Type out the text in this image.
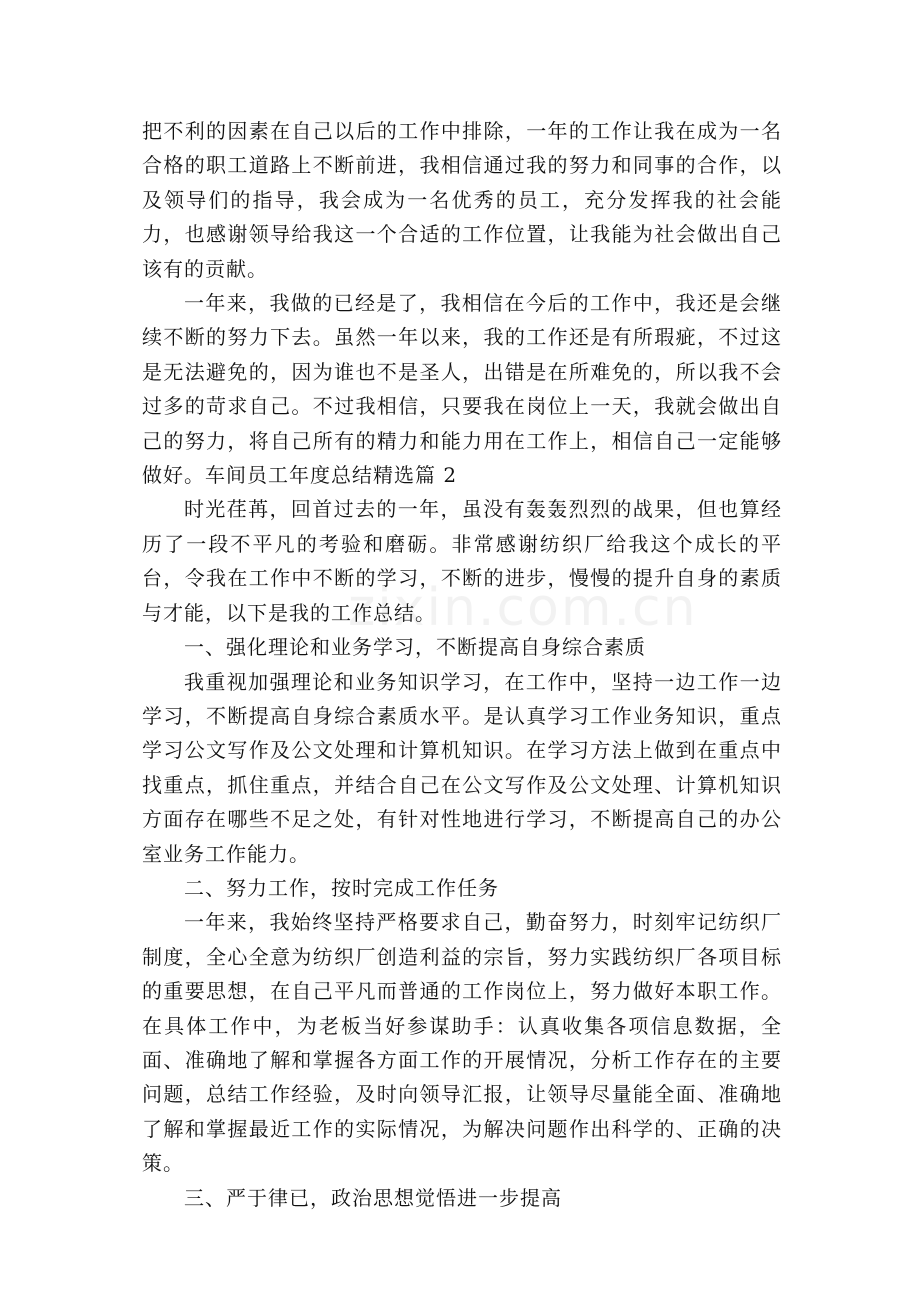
zixin.com.cn

把不利的因素在自己以后的工作中排除，一年的工作让我在成为一名合格的职工道路上不断前进，我相信通过我的努力和同事的合作，以及领导们的指导，我会成为一名优秀的员工，充分发挥我的社会能力，也感谢领导给我这一个合适的工作位置，让我能为社会做出自己该有的贡献。

一年来，我做的已经是了，我相信在今后的工作中，我还是会继续不断的努力下去。虽然一年以来，我的工作还是有所瑕疵，不过这是无法避免的，因为谁也不是圣人，出错是在所难免的，所以我不会过多的苛求自己。不过我相信，只要我在岗位上一天，我就会做出自己的努力，将自己所有的精力和能力用在工作上，相信自己一定能够做好。车间员工年度总结精选篇 2

时光荏苒，回首过去的一年，虽没有轰轰烈烈的战果，但也算经历了一段不平凡的考验和磨砺。非常感谢纺织厂给我这个成长的平台，令我在工作中不断的学习，不断的进步，慢慢的提升自身的素质与才能，以下是我的工作总结。

一、强化理论和业务学习，不断提高自身综合素质

我重视加强理论和业务知识学习，在工作中，坚持一边工作一边学习，不断提高自身综合素质水平。是认真学习工作业务知识，重点学习公文写作及公文处理和计算机知识。在学习方法上做到在重点中找重点，抓住重点，并结合自己在公文写作及公文处理、计算机知识方面存在哪些不足之处，有针对性地进行学习，不断提高自己的办公室业务工作能力。

二、努力工作，按时完成工作任务

一年来，我始终坚持严格要求自己，勤奋努力，时刻牢记纺织厂制度，全心全意为纺织厂创造利益的宗旨，努力实践纺织厂各项目标的重要思想，在自己平凡而普通的工作岗位上，努力做好本职工作。在具体工作中，为老板当好参谋助手：认真收集各项信息数据，全面、准确地了解和掌握各方面工作的开展情况，分析工作存在的主要问题，总结工作经验，及时向领导汇报，让领导尽量能全面、准确地了解和掌握最近工作的实际情况，为解决问题作出科学的、正确的决策。

三、严于律已，政治思想觉悟进一步提高
